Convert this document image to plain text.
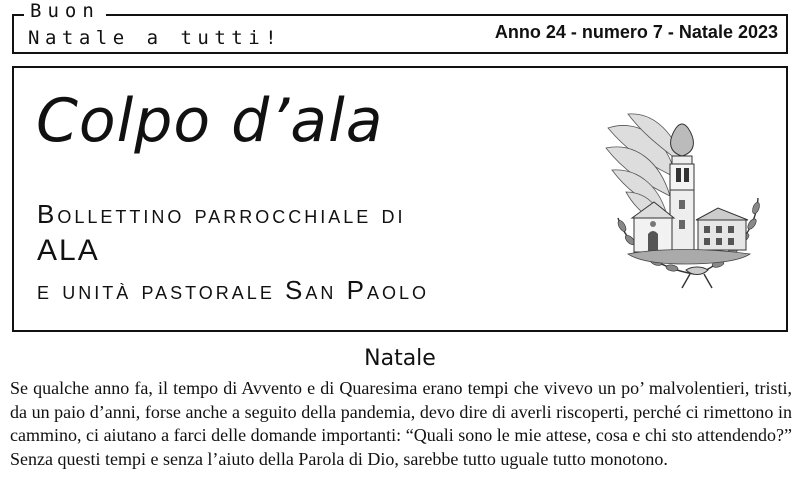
Buon
Natale a tutti!	Anno 24 - numero 7 - Natale 2023
Colpo d’ala
Bollettino parrocchiale di
ALA
e unità pastorale San Paolo
Natale
Se qualche anno fa, il tempo di Avvento e di Quaresima erano tempi che vivevo un po’ malvolentieri, tristi, da un paio d’anni, forse anche a seguito della pandemia, devo dire di averli riscoperti, perché ci rimettono in cammino, ci aiutano a farci delle domande importanti: “Quali sono le mie attese, cosa e chi sto attendendo?” Senza questi tempi e senza l’aiuto della Parola di Dio, sarebbe tutto uguale tutto monotono.
